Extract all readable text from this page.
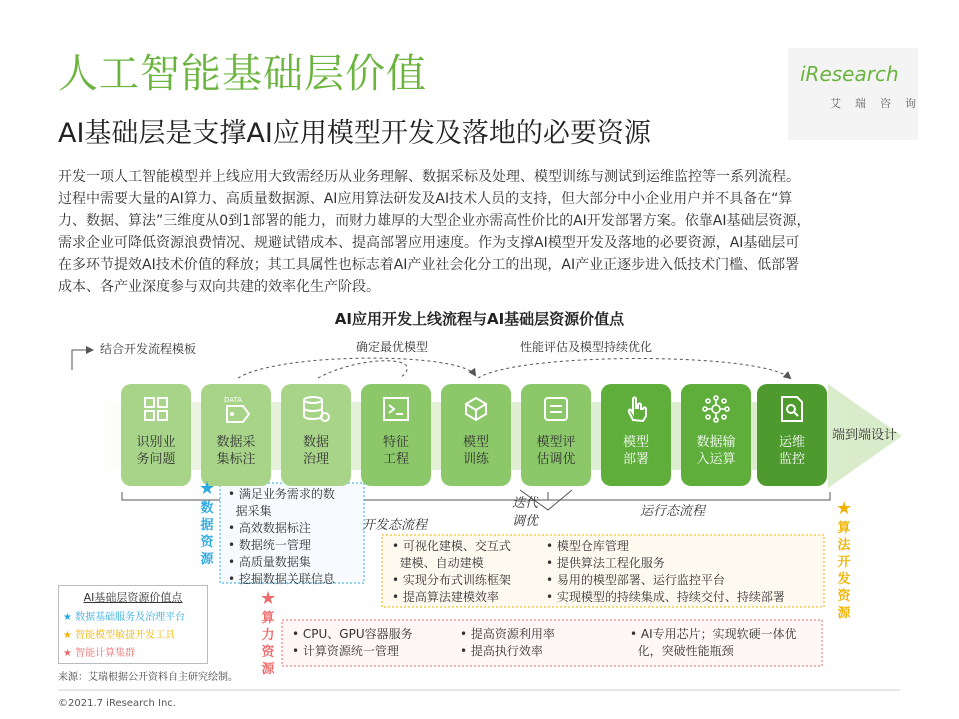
人工智能基础层价值
AI基础层是支撑AI应用模型开发及落地的必要资源
开发一项人工智能模型并上线应用大致需经历从业务理解、数据采标及处理、模型训练与测试到运维监控等一系列流程。
过程中需要大量的AI算力、高质量数据源、AI应用算法研发及AI技术人员的支持，但大部分中小企业用户并不具备在“算
力、数据、算法”三维度从0到1部署的能力，而财力雄厚的大型企业亦需高性价比的AI开发部署方案。依靠AI基础层资源，
需求企业可降低资源浪费情况、规避试错成本、提高部署应用速度。作为支撑AI模型开发及落地的必要资源，AI基础层可
在多环节提效AI技术价值的释放；其工具属性也标志着AI产业社会化分工的出现，AI产业正逐步进入低技术门槛、低部署
成本、各产业深度参与双向共建的效率化生产阶段。
iResearch
艾瑞咨询
AI应用开发上线流程与AI基础层资源价值点
结合开发流程模板	确定最优模型	性能评估及模型持续优化
端到端设计
识别业
务问题
DATA
数据采
集标注
数据
治理
特征
工程
模型
训练
模型评
估调优
模型
部署
数据输
入运算
运维
监控
开发态流程
迭代
调优
运行态流程
★
数
据
资
源
• 满足业务需求的数
据采集
• 高效数据标注
• 数据统一管理
• 高质量数据集
• 挖掘数据关联信息
★
算
法
开
发
资
源
• 可视化建模、交互式
建模、自动建模
• 实现分布式训练框架
• 提高算法建模效率
• 模型仓库管理
• 提供算法工程化服务
• 易用的模型部署、运行监控平台
• 实现模型的持续集成、持续交付、持续部署
★
算
力
资
源
• CPU、GPU容器服务
• 计算资源统一管理
• 提高资源利用率
• 提高执行效率
• AI专用芯片；实现软硬一体优
化，突破性能瓶颈
AI基础层资源价值点
★ 数据基础服务及治理平台
★ 智能模型敏捷开发工具
★ 智能计算集群
来源：艾瑞根据公开资料自主研究绘制。
©2021.7 iResearch Inc.
